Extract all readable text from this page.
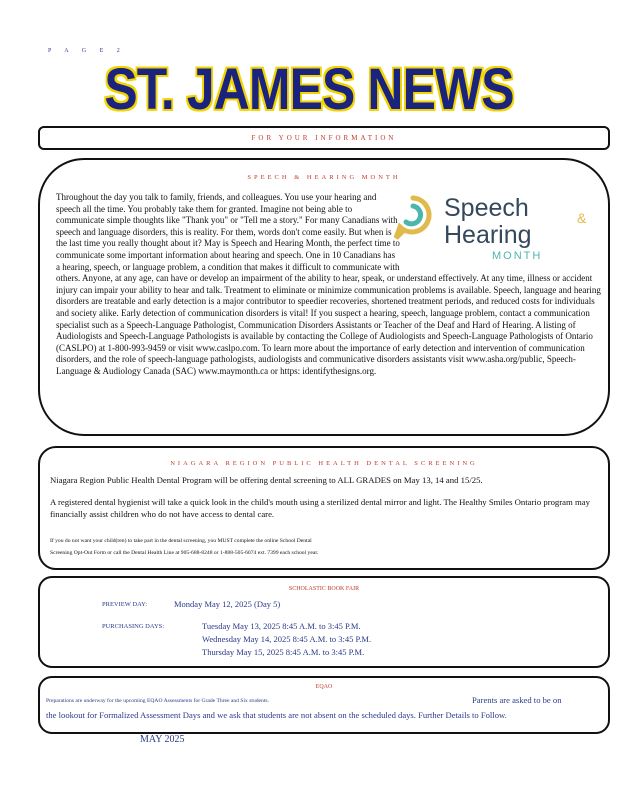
P A G E 2
ST. JAMES NEWS
FOR YOUR INFORMATION
SPEECH & HEARING MONTH
Speech	&
Hearing
MONTH
Throughout the day you talk to family, friends, and colleagues. You use your hearing and speech all the time. You probably take them for granted. Imagine not being able to communicate simple thoughts like "Thank you" or "Tell me a story." For many Canadians with speech and language disorders, this is reality. For them, words don't come easily. But when is the last time you really thought about it? May is Speech and Hearing Month, the perfect time to communicate some important information about hearing and speech. One in 10 Canadians has a hearing, speech, or language problem, a condition that makes it difficult to communicate with others. Anyone, at any age, can have or develop an impairment of the ability to hear, speak, or understand effectively. At any time, illness or accident injury can impair your ability to hear and talk. Treatment to eliminate or minimize communication problems is available. Speech, language and hearing disorders are treatable and early detection is a major contributor to speedier recoveries, shortened treatment periods, and reduced costs for individuals and society alike. Early detection of communication disorders is vital! If you suspect a hearing, speech, language problem, contact a communication specialist such as a Speech-Language Pathologist, Communication Disorders Assistants or Teacher of the Deaf and Hard of Hearing. A listing of Audiologists and Speech-Language Pathologists is available by contacting the College of Audiologists and Speech-Language Pathologists of Ontario (CASLPO) at 1-800-993-9459 or visit www.caslpo.com. To learn more about the importance of early detection and intervention of communication disorders, and the role of speech-language pathologists, audiologists and communicative disorders assistants visit www.asha.org/public, Speech-Language & Audiology Canada (SAC) www.maymonth.ca or https: identifythesigns.org.
NIAGARA REGION PUBLIC HEALTH DENTAL SCREENING

Niagara Region Public Health Dental Program will be offering dental screening to ALL GRADES on May 13, 14 and 15/25.

A registered dental hygienist will take a quick look in the child's mouth using a sterilized dental mirror and light. The Healthy Smiles Ontario program may financially assist children who do not have access to dental care.

If you do not want your child(ren) to take part in the dental screening, you MUST complete the online School Dental

Screening Opt-Out Form or call the Dental Health Line at 905-688-8248 or 1-888-505-6074 ext. 7399 each school year.

SCHOLASTIC BOOK FAIR
PREVIEW DAY:	Monday May 12, 2025 (Day 5)
PURCHASING DAYS:	Tuesday May 13, 2025 8:45 A.M. to 3:45 P.M.
Wednesday May 14, 2025 8:45 A.M. to 3:45 P.M.
Thursday May 15, 2025 8:45 A.M. to 3:45 P.M.
EQAO
Preparations are underway for the upcoming EQAO Assessments for Grade Three and Six students.	Parents are asked to be on
the lookout for Formalized Assessment Days and we ask that students are not absent on the scheduled days. Further Details to Follow.
MAY 2025
